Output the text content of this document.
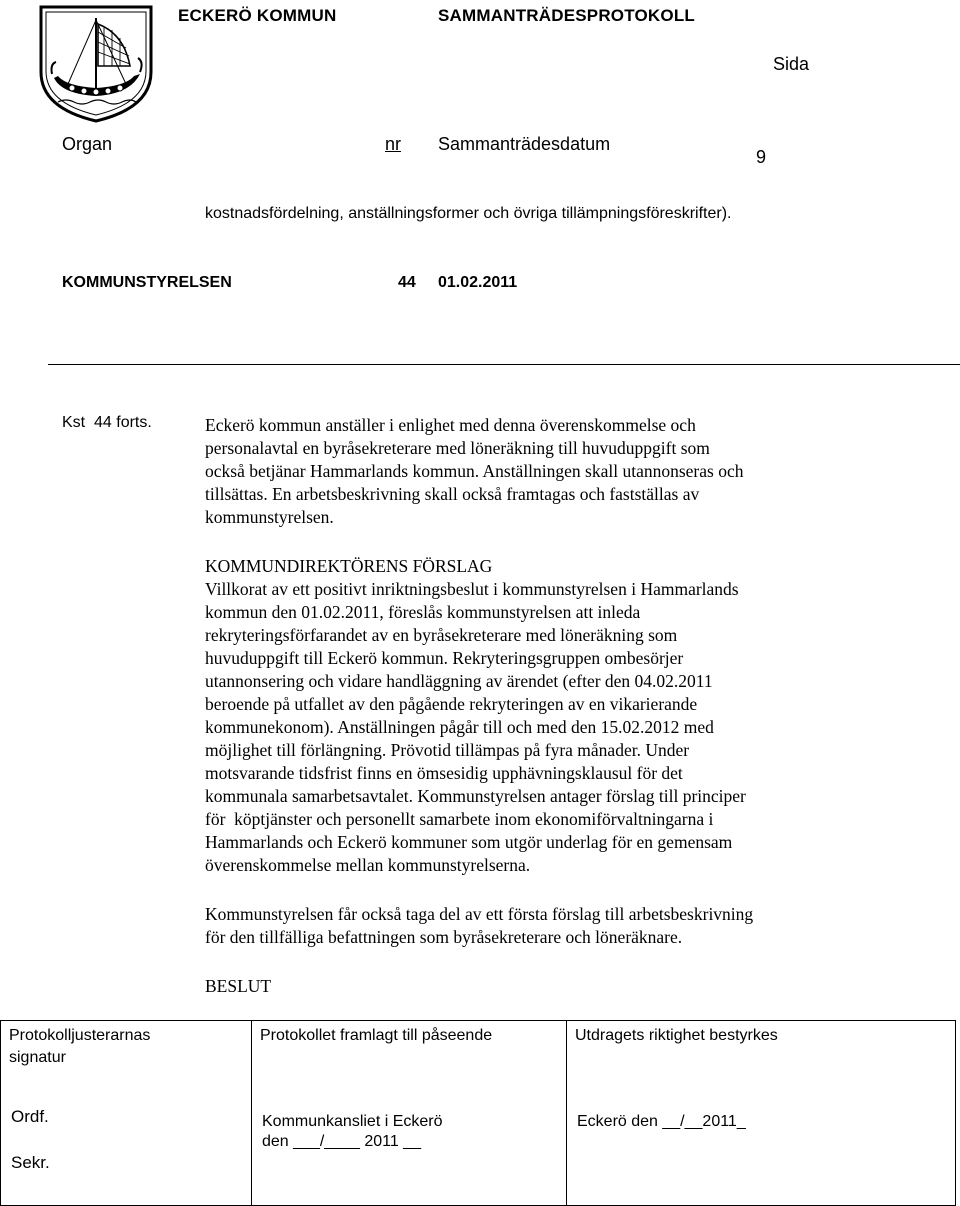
ECKERÖ KOMMUN	SAMMANTRÄDESPROTOKOLL
Sida
Organ	nr Sammanträdesdatum
9
kostnadsfördelning, anställningsformer och övriga tillämpningsföreskrifter).
KOMMUNSTYRELSEN	44 01.02.2011
Kst  44 forts.	Eckerö kommun anställer i enlighet med denna överenskommelse och
personalavtal en byråsekreterare med löneräkning till huvuduppgift som
också betjänar Hammarlands kommun. Anställningen skall utannonseras och
tillsättas. En arbetsbeskrivning skall också framtagas och fastställas av
kommunstyrelsen.
KOMMUNDIREKTÖRENS FÖRSLAG
Villkorat av ett positivt inriktningsbeslut i kommunstyrelsen i Hammarlands
kommun den 01.02.2011, föreslås kommunstyrelsen att inleda
rekryteringsförfarandet av en byråsekreterare med löneräkning som
huvuduppgift till Eckerö kommun. Rekryteringsgruppen ombesörjer
utannonsering och vidare handläggning av ärendet (efter den 04.02.2011
beroende på utfallet av den pågående rekryteringen av en vikarierande
kommunekonom). Anställningen pågår till och med den 15.02.2012 med
möjlighet till förlängning. Prövotid tillämpas på fyra månader. Under
motsvarande tidsfrist finns en ömsesidig upphävningsklausul för det
kommunala samarbetsavtalet. Kommunstyrelsen antager förslag till principer
för  köptjänster och personellt samarbete inom ekonomiförvaltningarna i
Hammarlands och Eckerö kommuner som utgör underlag för en gemensam
överenskommelse mellan kommunstyrelserna.
Kommunstyrelsen får också taga del av ett första förslag till arbetsbeskrivning
för den tillfälliga befattningen som byråsekreterare och löneräknare.
BESLUT
Protokolljusterarnas
signatur
Ordf.
Sekr.

Protokollet framlagt till påseende
Kommunkansliet i Eckerö
den ___/____ 2011 __

Utdragets riktighet bestyrkes
Eckerö den __/__2011_
